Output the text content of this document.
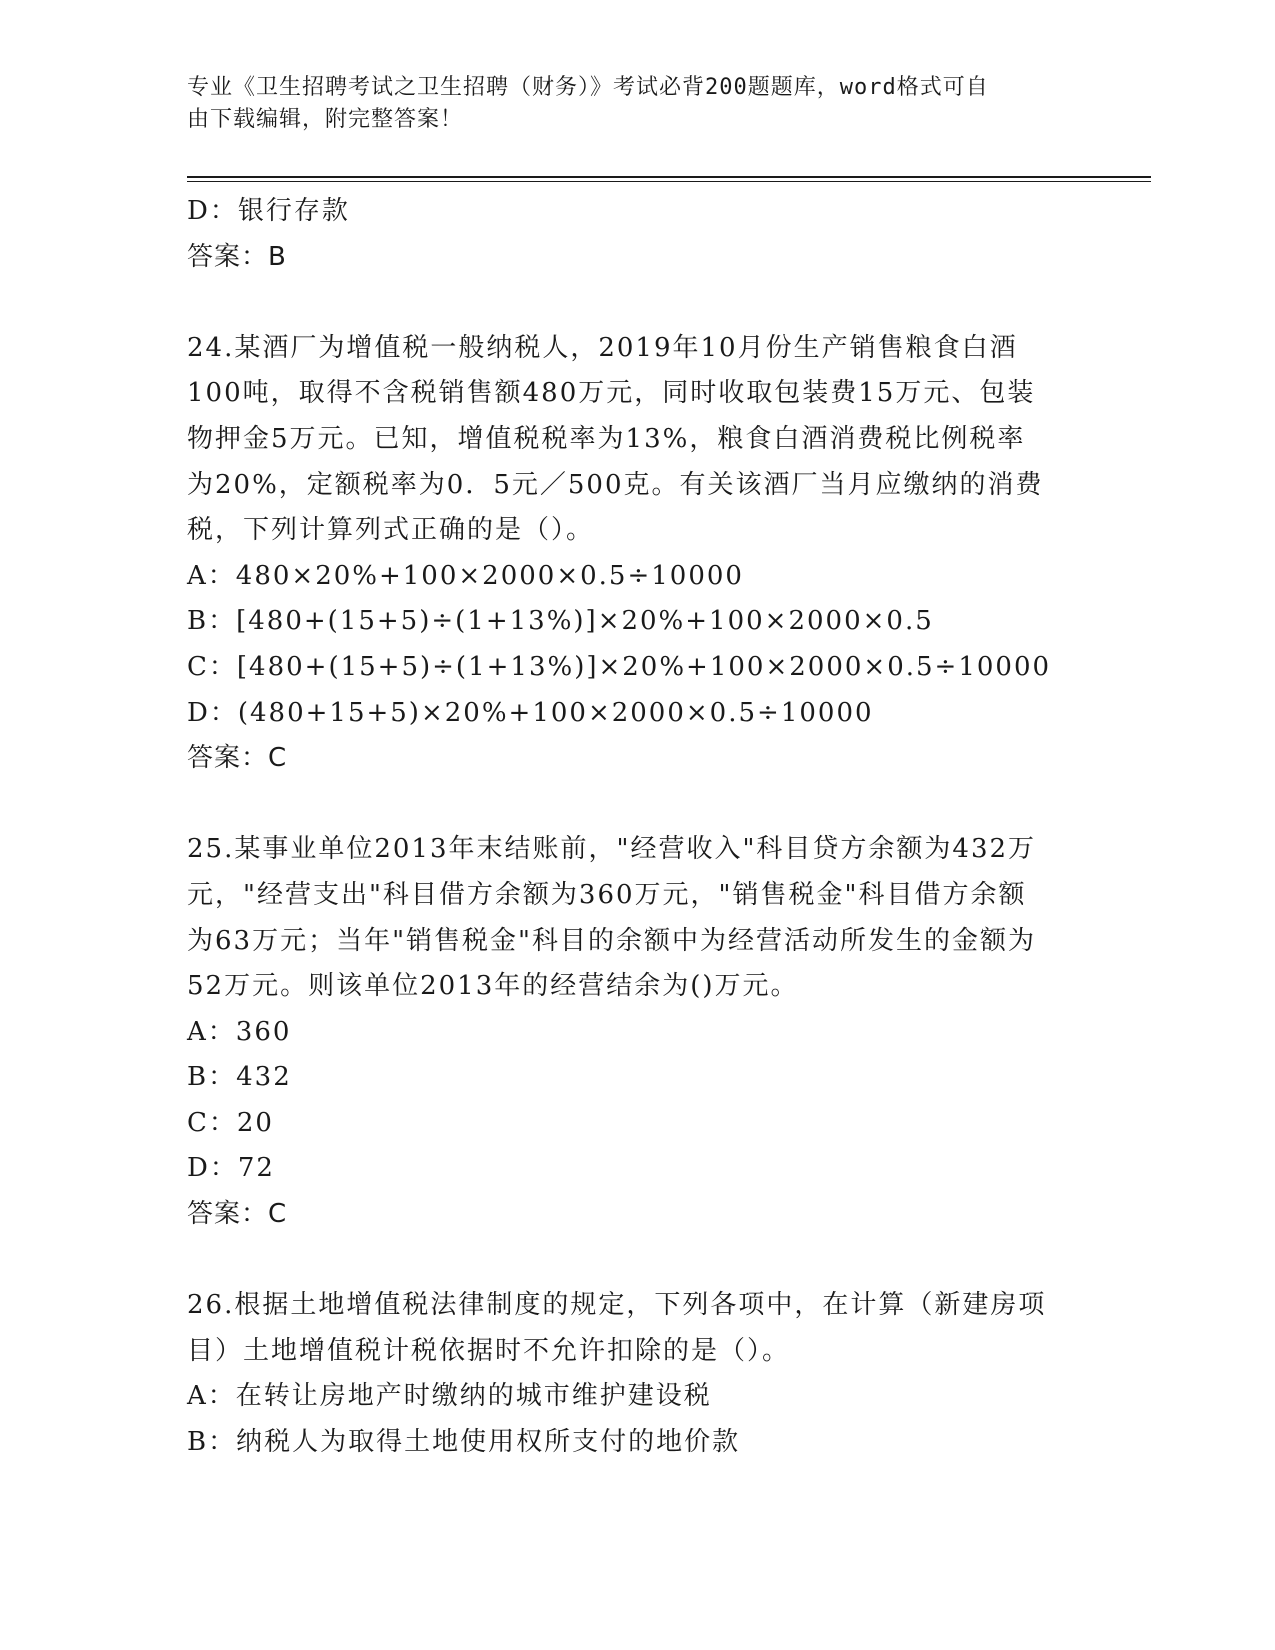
专业《卫生招聘考试之卫生招聘（财务）》考试必背200题题库，word格式可自
由下载编辑，附完整答案！
D：银行存款
答案：B
24.某酒厂为增值税一般纳税人，2019年10月份生产销售粮食白酒
100吨，取得不含税销售额480万元，同时收取包装费15万元、包装
物押金5万元。已知，增值税税率为13%，粮食白酒消费税比例税率
为20%，定额税率为0．5元／500克。有关该酒厂当月应缴纳的消费
税，下列计算列式正确的是（）。
A：480×20%+100×2000×0.5÷10000
B：[480+(15+5)÷(1+13%)]×20%+100×2000×0.5
C：[480+(15+5)÷(1+13%)]×20%+100×2000×0.5÷10000
D：(480+15+5)×20%+100×2000×0.5÷10000
答案：C
25.某事业单位2013年末结账前，"经营收入"科目贷方余额为432万
元，"经营支出"科目借方余额为360万元，"销售税金"科目借方余额
为63万元；当年"销售税金"科目的余额中为经营活动所发生的金额为
52万元。则该单位2013年的经营结余为()万元。
A：360
B：432
C：20
D：72
答案：C
26.根据土地增值税法律制度的规定，下列各项中，在计算（新建房项
目）土地增值税计税依据时不允许扣除的是（）。
A：在转让房地产时缴纳的城市维护建设税
B：纳税人为取得土地使用权所支付的地价款
